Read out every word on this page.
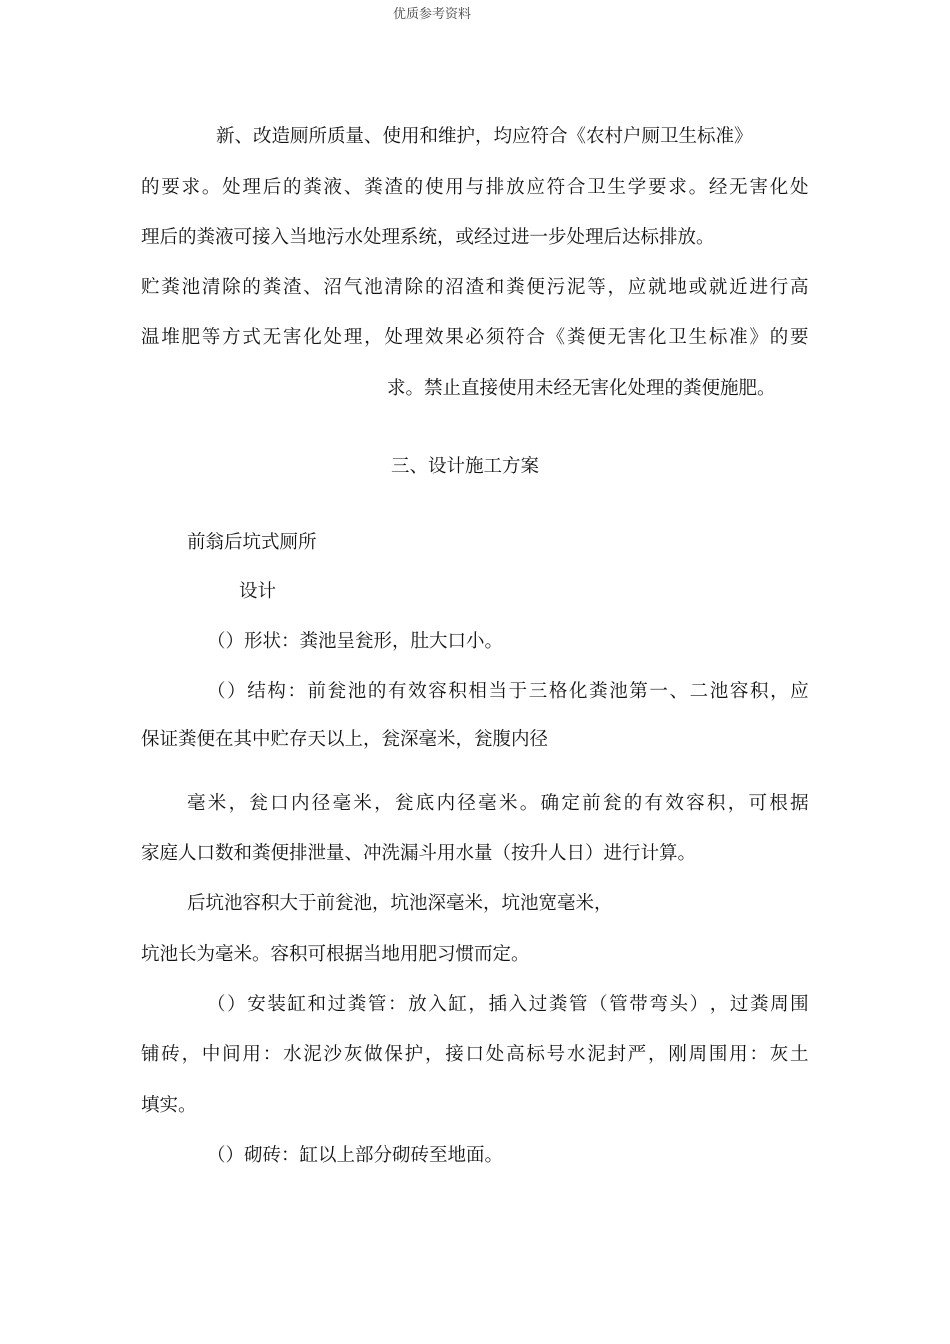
优质参考资料
新、改造厕所质量、使用和维护，均应符合《农村户厕卫生标准》
的 要 求 。 处 理 后 的 粪 液 、 粪 渣 的 使 用 与 排 放 应 符 合 卫 生 学 要 求 。 经 无 害 化 处
理后的粪液可接入当地污水处理系统，或经过进一步处理后达标排放。
贮 粪 池 清 除 的 粪 渣 、 沼 气 池 清 除 的 沼 渣 和 粪 便 污 泥 等 ， 应 就 地 或 就 近 进 行 高
温 堆 肥 等 方 式 无 害 化 处 理 ， 处 理 效 果 必 须 符 合 《 粪 便 无 害 化 卫 生 标 准 》 的 要
求。禁止直接使用未经无害化处理的粪便施肥。
三、设计施工方案
前翁后坑式厕所
设计
（）形状：粪池呈瓮形，肚大口小。
（ ） 结 构 ： 前 瓮 池 的 有 效 容 积 相 当 于 三 格 化 粪 池 第 一 、 二 池 容 积 ， 应
保证粪便在其中贮存天以上，瓮深毫米，瓮腹内径
毫 米 ， 瓮 口 内 径 毫 米 ， 瓮 底 内 径 毫 米 。 确 定 前 瓮 的 有 效 容 积 ， 可 根 据
家庭人口数和粪便排泄量、冲洗漏斗用水量（按升人日）进行计算。
后坑池容积大于前瓮池，坑池深毫米，坑池宽毫米，
坑池长为毫米。容积可根据当地用肥习惯而定。
（ ） 安 装 缸 和 过 粪 管 ： 放 入 缸 ， 插 入 过 粪 管 （ 管 带 弯 头 ） ， 过 粪 周 围
铺 砖 ， 中 间 用 ： 水 泥 沙 灰 做 保 护 ， 接 口 处 高 标 号 水 泥 封 严 ， 刚 周 围 用 ： 灰 土
填实。
（）砌砖：缸以上部分砌砖至地面。
